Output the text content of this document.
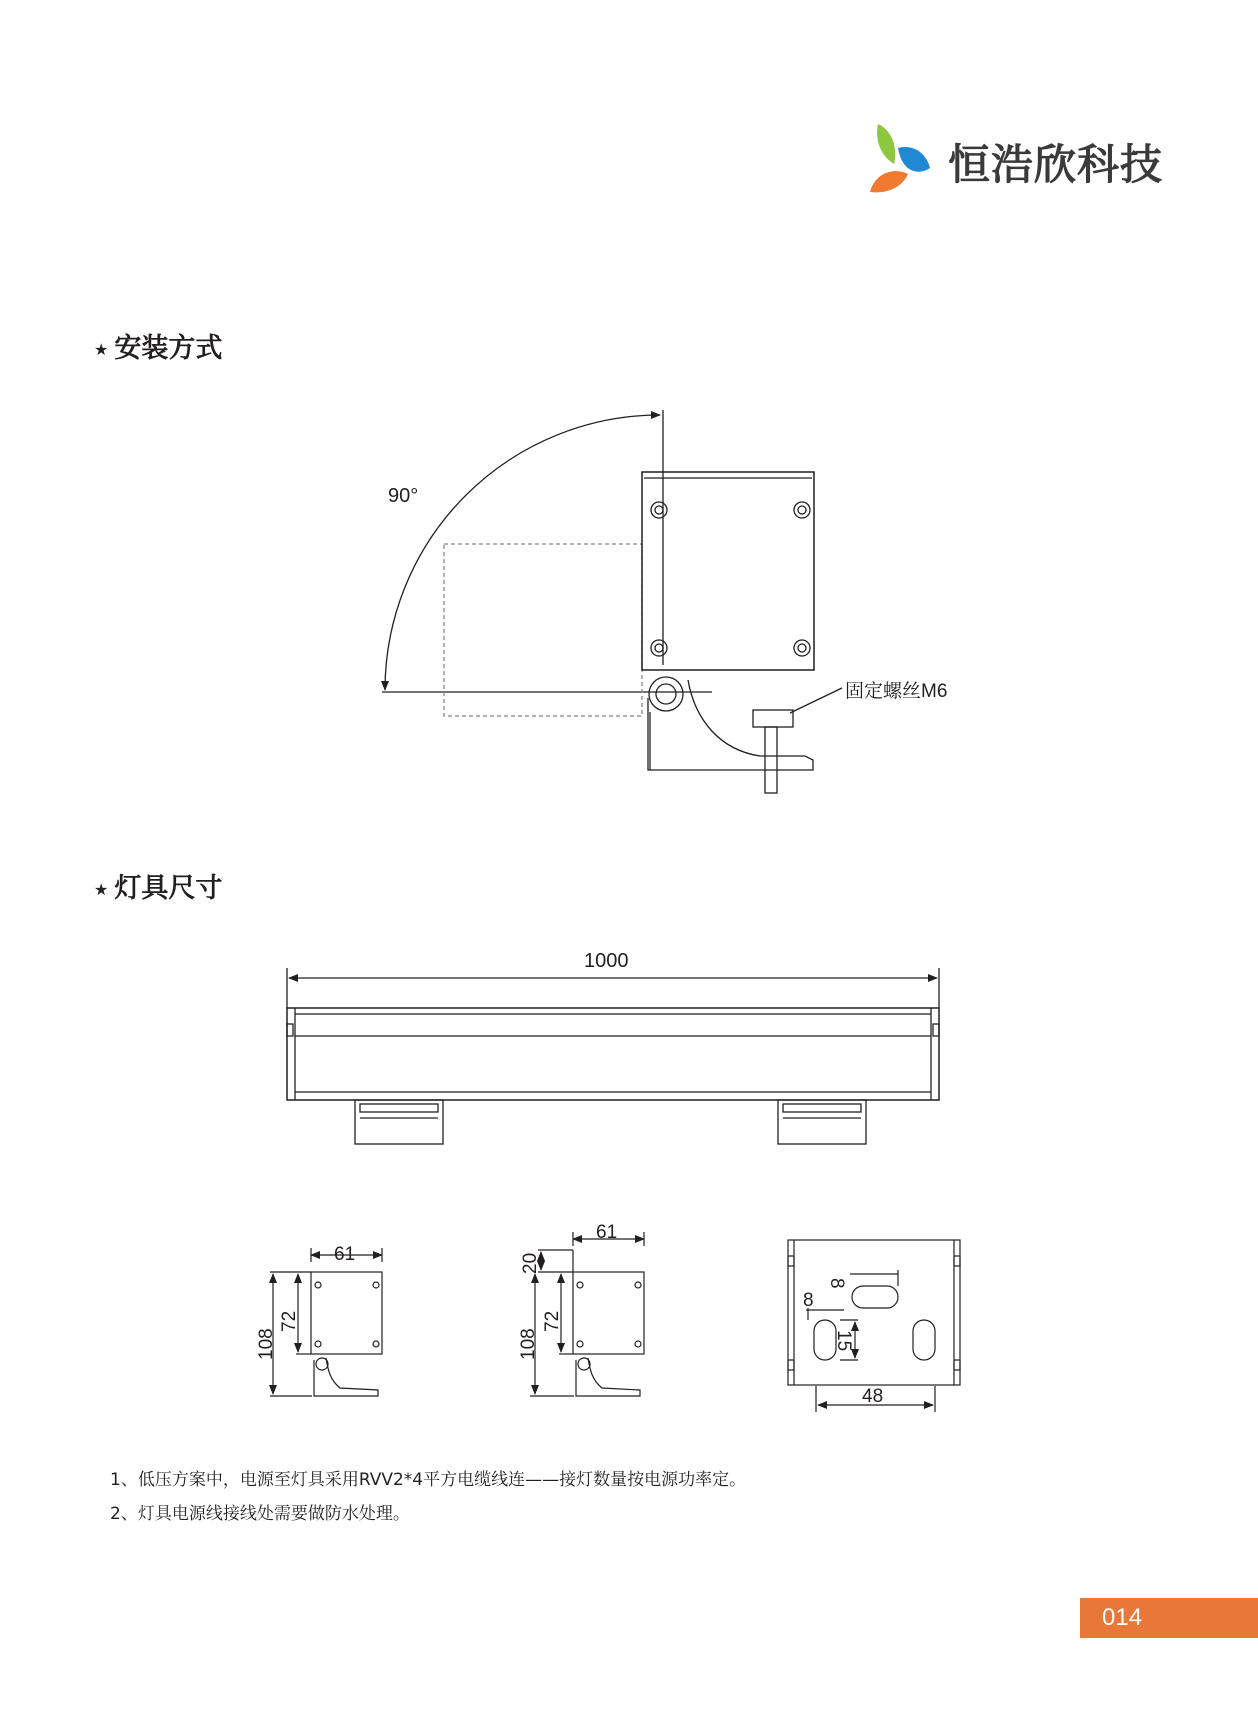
恒浩欣科技
★ 安装方式
★ 灯具尺寸
90°
固定螺丝M6
1000
61
108
72
61
20
108
72
8
8
15
48
1、低压方案中，电源至灯具采用RVV2*4平方电缆线连——接灯数量按电源功率定。
2、灯具电源线接线处需要做防水处理。
014
